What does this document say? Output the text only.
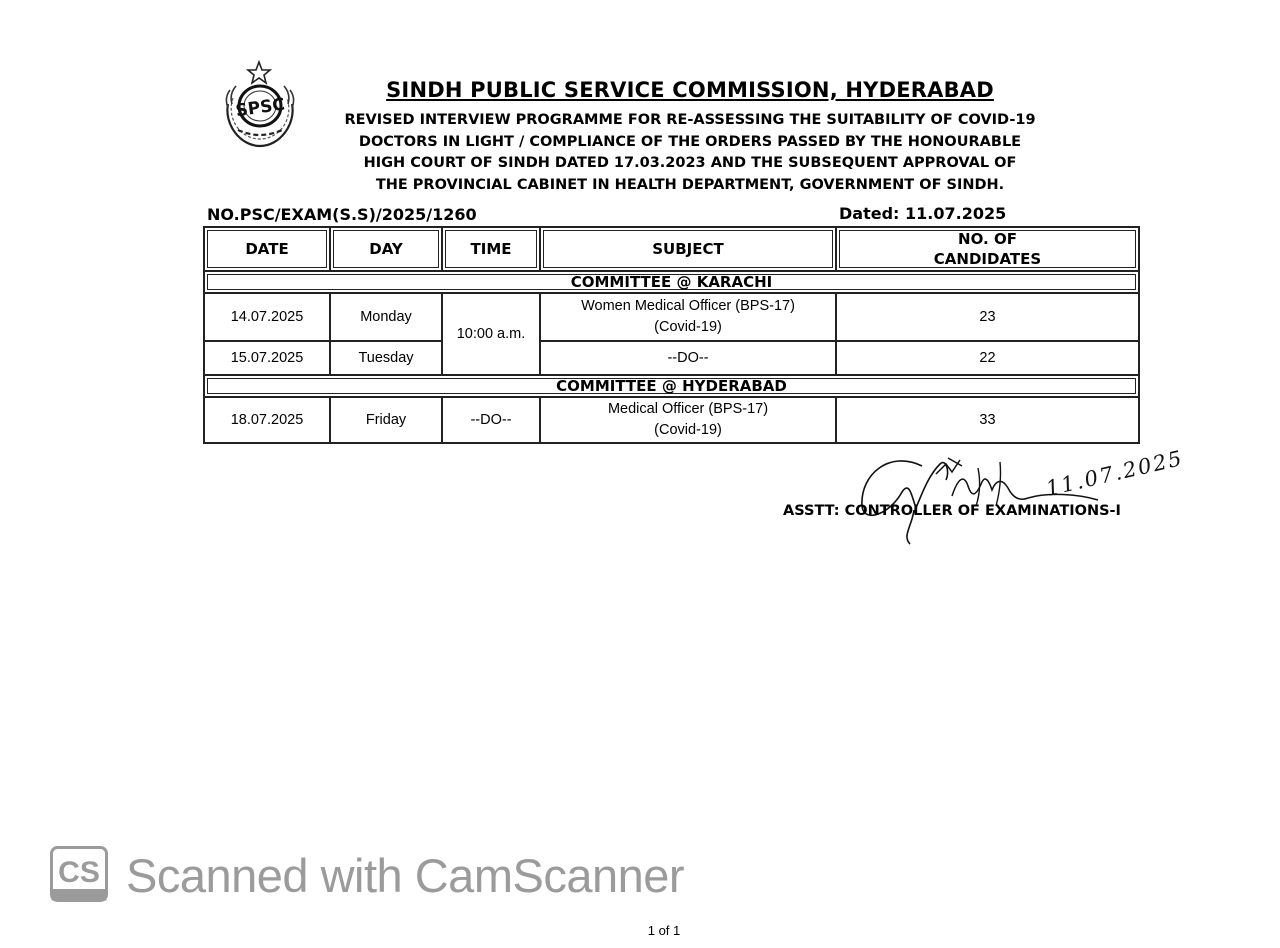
SPSC
SINDH PUBLIC SERVICE COMMISSION, HYDERABAD
REVISED INTERVIEW PROGRAMME FOR RE-ASSESSING THE SUITABILITY OF COVID-19
DOCTORS IN LIGHT / COMPLIANCE OF THE ORDERS PASSED BY THE HONOURABLE
HIGH COURT OF SINDH DATED 17.03.2023 AND THE SUBSEQUENT APPROVAL OF
THE PROVINCIAL CABINET IN HEALTH DEPARTMENT, GOVERNMENT OF SINDH.
NO.PSC/EXAM(S.S)/2025/1260	Dated: 11.07.2025
DATE	DAY	TIME	SUBJECT	NO. OF
CANDIDATES

COMMITTEE @ KARACHI				
14.07.2025	Monday	10:00 a.m.	Women Medical Officer (BPS-17)
(Covid-19)	23
15.07.2025	Tuesday		--DO--	22
COMMITTEE @ HYDERABAD				
18.07.2025	Friday	--DO--	Medical Officer (BPS-17)
(Covid-19)	33
11.07.2025
ASSTT: CONTROLLER OF EXAMINATIONS-I
CS Scanned with CamScanner
1 of 1
